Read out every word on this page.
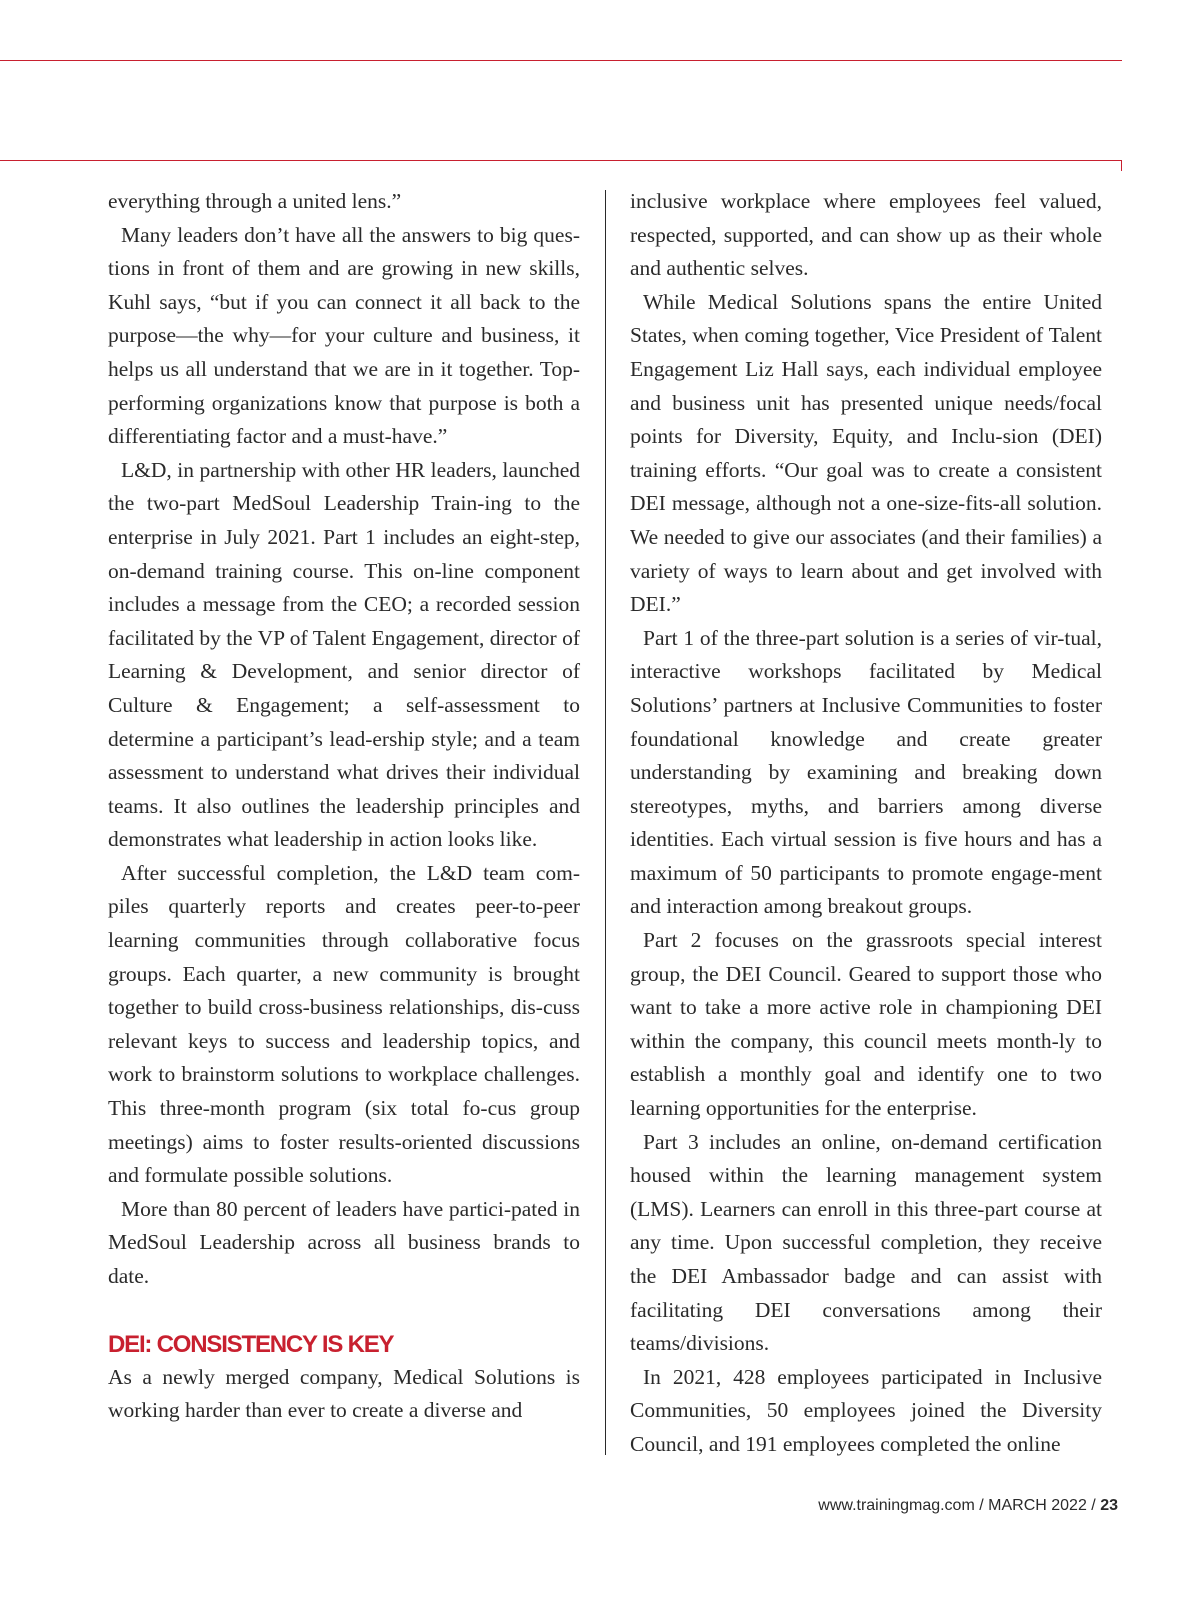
everything through a united lens.”

Many leaders don’t have all the answers to big ques-tions in front of them and are growing in new skills, Kuhl says, “but if you can connect it all back to the purpose—the why—for your culture and business, it helps us all understand that we are in it together. Top-performing organizations know that purpose is both a differentiating factor and a must-have.”

L&D, in partnership with other HR leaders, launched the two-part MedSoul Leadership Train-ing to the enterprise in July 2021. Part 1 includes an eight-step, on-demand training course. This on-line component includes a message from the CEO; a recorded session facilitated by the VP of Talent Engagement, director of Learning & Development, and senior director of Culture & Engagement; a self-assessment to determine a participant’s lead-ership style; and a team assessment to understand what drives their individual teams. It also outlines the leadership principles and demonstrates what leadership in action looks like.

After successful completion, the L&D team com-piles quarterly reports and creates peer-to-peer learning communities through collaborative focus groups. Each quarter, a new community is brought together to build cross-business relationships, dis-cuss relevant keys to success and leadership topics, and work to brainstorm solutions to workplace challenges. This three-month program (six total fo-cus group meetings) aims to foster results-oriented discussions and formulate possible solutions.

More than 80 percent of leaders have partici-pated in MedSoul Leadership across all business brands to date.

DEI: CONSISTENCY IS KEY

As a newly merged company, Medical Solutions is working harder than ever to create a diverse and

inclusive workplace where employees feel valued, respected, supported, and can show up as their whole and authentic selves.

While Medical Solutions spans the entire United States, when coming together, Vice President of Talent Engagement Liz Hall says, each individual employee and business unit has presented unique needs/focal points for Diversity, Equity, and Inclu-sion (DEI) training efforts. “Our goal was to create a consistent DEI message, although not a one-size-fits-all solution. We needed to give our associates (and their families) a variety of ways to learn about and get involved with DEI.”

Part 1 of the three-part solution is a series of vir-tual, interactive workshops facilitated by Medical Solutions’ partners at Inclusive Communities to foster foundational knowledge and create greater understanding by examining and breaking down stereotypes, myths, and barriers among diverse identities. Each virtual session is five hours and has a maximum of 50 participants to promote engage-ment and interaction among breakout groups.

Part 2 focuses on the grassroots special interest group, the DEI Council. Geared to support those who want to take a more active role in championing DEI within the company, this council meets month-ly to establish a monthly goal and identify one to two learning opportunities for the enterprise.

Part 3 includes an online, on-demand certification housed within the learning management system (LMS). Learners can enroll in this three-part course at any time. Upon successful completion, they receive the DEI Ambassador badge and can assist with facilitating DEI conversations among their teams/divisions.

In 2021, 428 employees participated in Inclusive Communities, 50 employees joined the Diversity Council, and 191 employees completed the online

www.trainingmag.com / MARCH 2022 / 23
